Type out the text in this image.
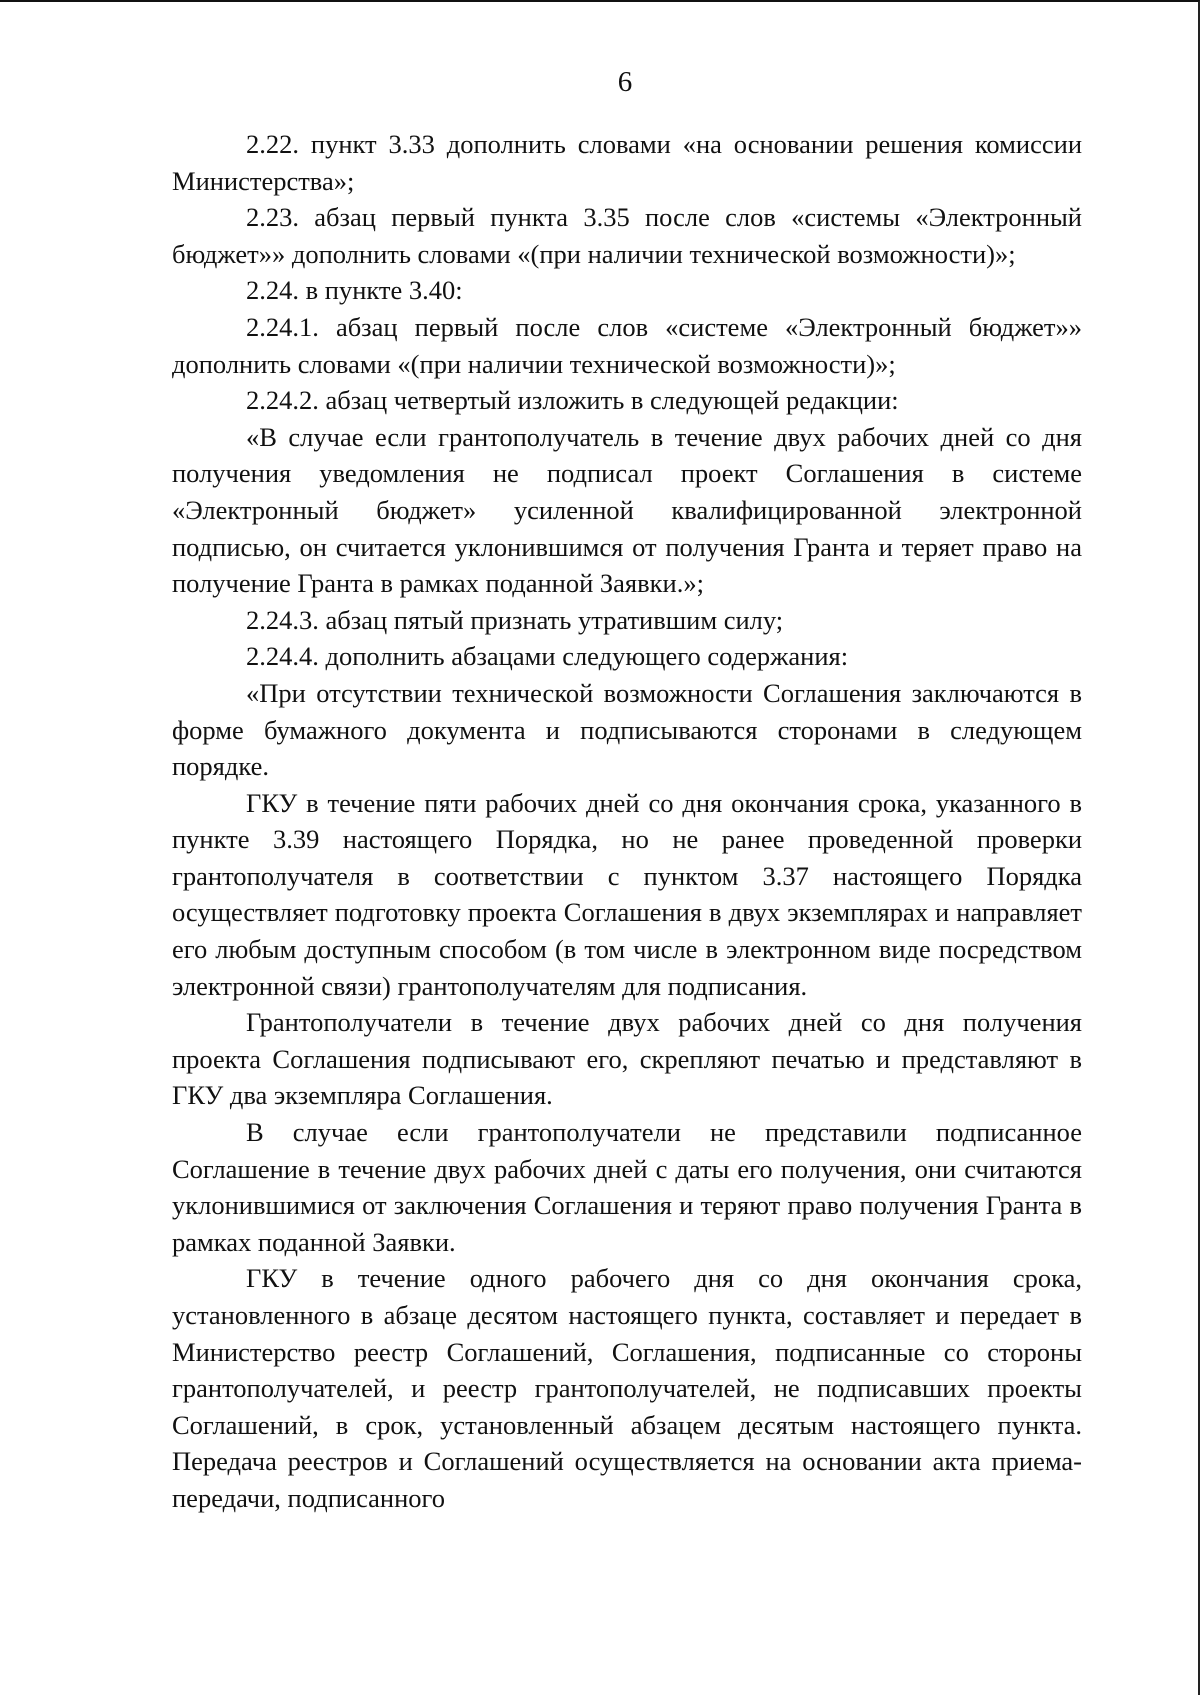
6

2.22. пункт 3.33 дополнить словами «на основании решения комиссии Министерства»;

2.23. абзац первый пункта 3.35 после слов «системы «Электронный бюджет»» дополнить словами «(при наличии технической возможности)»;

2.24. в пункте 3.40:

2.24.1. абзац первый после слов «системе «Электронный бюджет»» дополнить словами «(при наличии технической возможности)»;

2.24.2. абзац четвертый изложить в следующей редакции:

«В случае если грантополучатель в течение двух рабочих дней со дня получения уведомления не подписал проект Соглашения в системе «Электронный бюджет» усиленной квалифицированной электронной подписью, он считается уклонившимся от получения Гранта и теряет право на получение Гранта в рамках поданной Заявки.»;

2.24.3. абзац пятый признать утратившим силу;

2.24.4. дополнить абзацами следующего содержания:

«При отсутствии технической возможности Соглашения заключаются в форме бумажного документа и подписываются сторонами в следующем порядке.

ГКУ в течение пяти рабочих дней со дня окончания срока, указанного в пункте 3.39 настоящего Порядка, но не ранее проведенной проверки грантополучателя в соответствии с пунктом 3.37 настоящего Порядка осуществляет подготовку проекта Соглашения в двух экземплярах и направляет его любым доступным способом (в том числе в электронном виде посредством электронной связи) грантополучателям для подписания.

Грантополучатели в течение двух рабочих дней со дня получения проекта Соглашения подписывают его, скрепляют печатью и представляют в ГКУ два экземпляра Соглашения.

В случае если грантополучатели не представили подписанное Соглашение в течение двух рабочих дней с даты его получения, они считаются уклонившимися от заключения Соглашения и теряют право получения Гранта в рамках поданной Заявки.

ГКУ в течение одного рабочего дня со дня окончания срока, установленного в абзаце десятом настоящего пункта, составляет и передает в Министерство реестр Соглашений, Соглашения, подписанные со стороны грантополучателей, и реестр грантополучателей, не подписавших проекты Соглашений, в срок, установленный абзацем десятым настоящего пункта. Передача реестров и Соглашений осуществляется на основании акта приема-передачи, подписанного
